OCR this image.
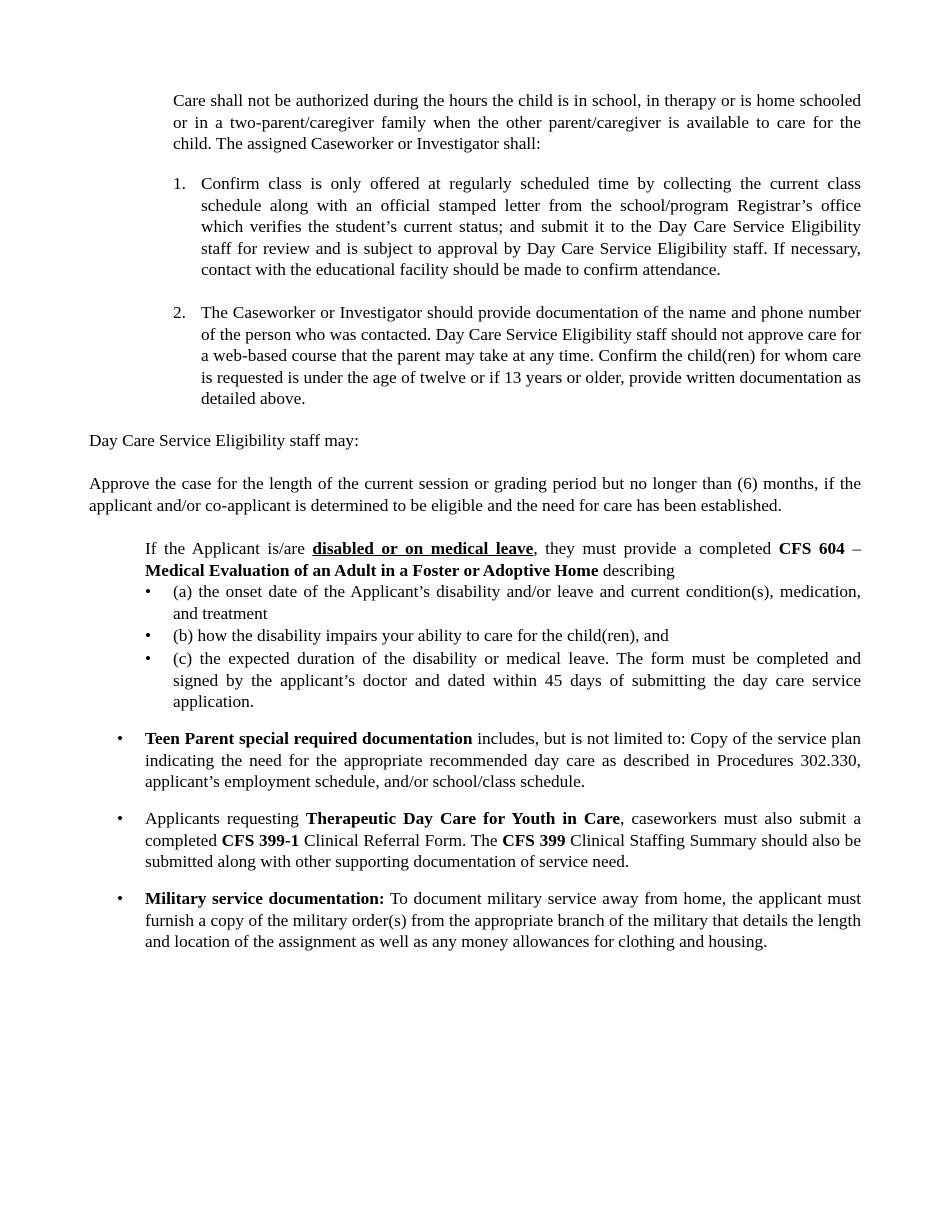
Care shall not be authorized during the hours the child is in school, in therapy or is home schooled or in a two-parent/caregiver family when the other parent/caregiver is available to care for the child. The assigned Caseworker or Investigator shall:

1. Confirm class is only offered at regularly scheduled time by collecting the current class schedule along with an official stamped letter from the school/program Registrar’s office which verifies the student’s current status; and submit it to the Day Care Service Eligibility staff for review and is subject to approval by Day Care Service Eligibility staff. If necessary, contact with the educational facility should be made to confirm attendance.

2. The Caseworker or Investigator should provide documentation of the name and phone number of the person who was contacted. Day Care Service Eligibility staff should not approve care for a web-based course that the parent may take at any time. Confirm the child(ren) for whom care is requested is under the age of twelve or if 13 years or older, provide written documentation as detailed above.

Day Care Service Eligibility staff may:

Approve the case for the length of the current session or grading period but no longer than (6) months, if the applicant and/or co-applicant is determined to be eligible and the need for care has been established.

If the Applicant is/are disabled or on medical leave, they must provide a completed CFS 604 – Medical Evaluation of an Adult in a Foster or Adoptive Home describing

•	(a) the onset date of the Applicant’s disability and/or leave and current condition(s), medication, and treatment

•	(b) how the disability impairs your ability to care for the child(ren), and

•	(c) the expected duration of the disability or medical leave. The form must be completed and signed by the applicant’s doctor and dated within 45 days of submitting the day care service application.

•	Teen Parent special required documentation includes, but is not limited to: Copy of the service plan indicating the need for the appropriate recommended day care as described in Procedures 302.330, applicant’s employment schedule, and/or school/class schedule.

•	Applicants requesting Therapeutic Day Care for Youth in Care, caseworkers must also submit a completed CFS 399-1 Clinical Referral Form. The CFS 399 Clinical Staffing Summary should also be submitted along with other supporting documentation of service need.

•	Military service documentation: To document military service away from home, the applicant must furnish a copy of the military order(s) from the appropriate branch of the military that details the length and location of the assignment as well as any money allowances for clothing and housing.
